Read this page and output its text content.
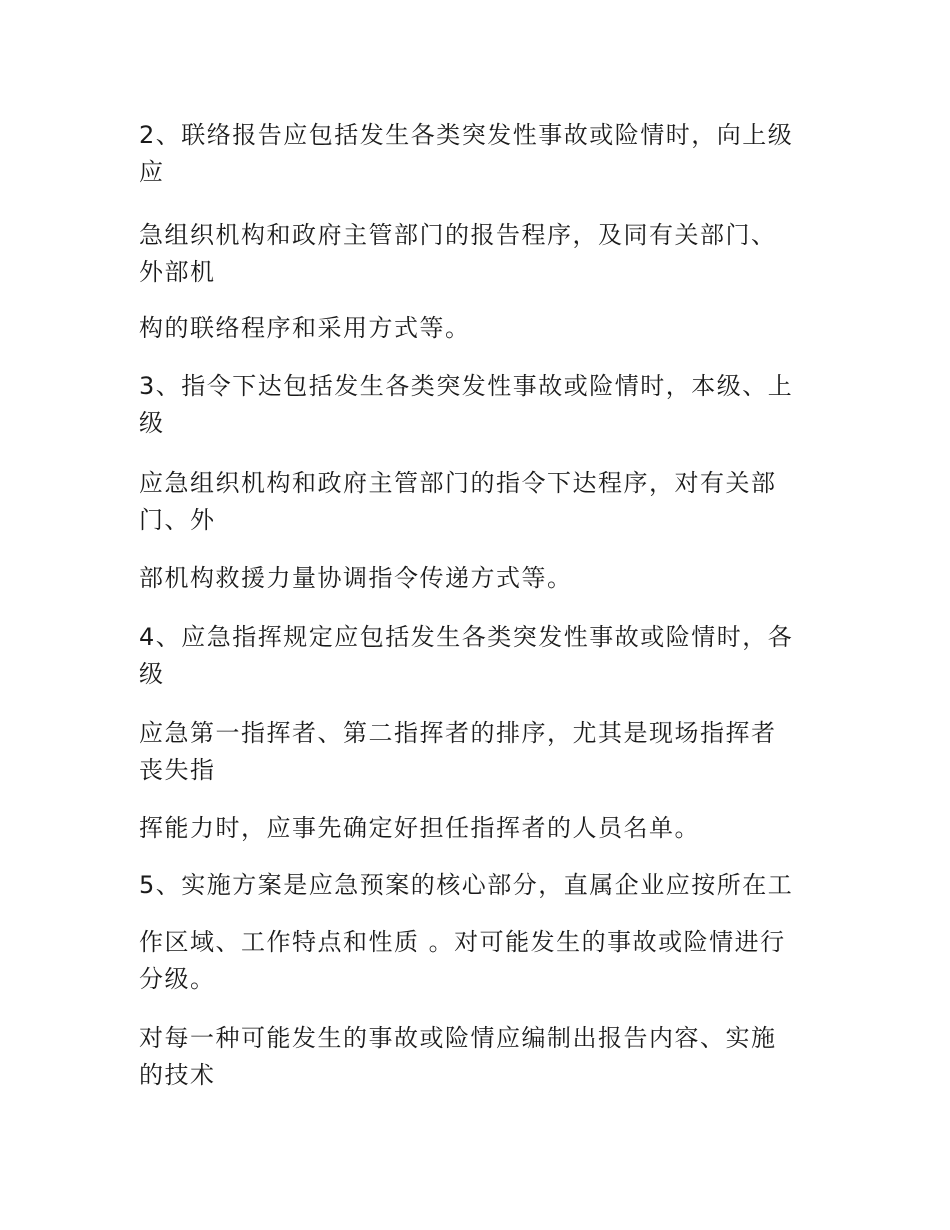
2、联络报告应包括发生各类突发性事故或险情时，向上级
应

急组织机构和政府主管部门的报告程序，及同有关部门、
外部机

构的联络程序和采用方式等。

3、指令下达包括发生各类突发性事故或险情时，本级、上
级

应急组织机构和政府主管部门的指令下达程序，对有关部
门、外

部机构救援力量协调指令传递方式等。

4、应急指挥规定应包括发生各类突发性事故或险情时，各
级

应急第一指挥者、第二指挥者的排序，尤其是现场指挥者
丧失指

挥能力时，应事先确定好担任指挥者的人员名单。

5、实施方案是应急预案的核心部分，直属企业应按所在工

作区域、工作特点和性质 。对可能发生的事故或险情进行
分级。

对每一种可能发生的事故或险情应编制出报告内容、实施
的技术
